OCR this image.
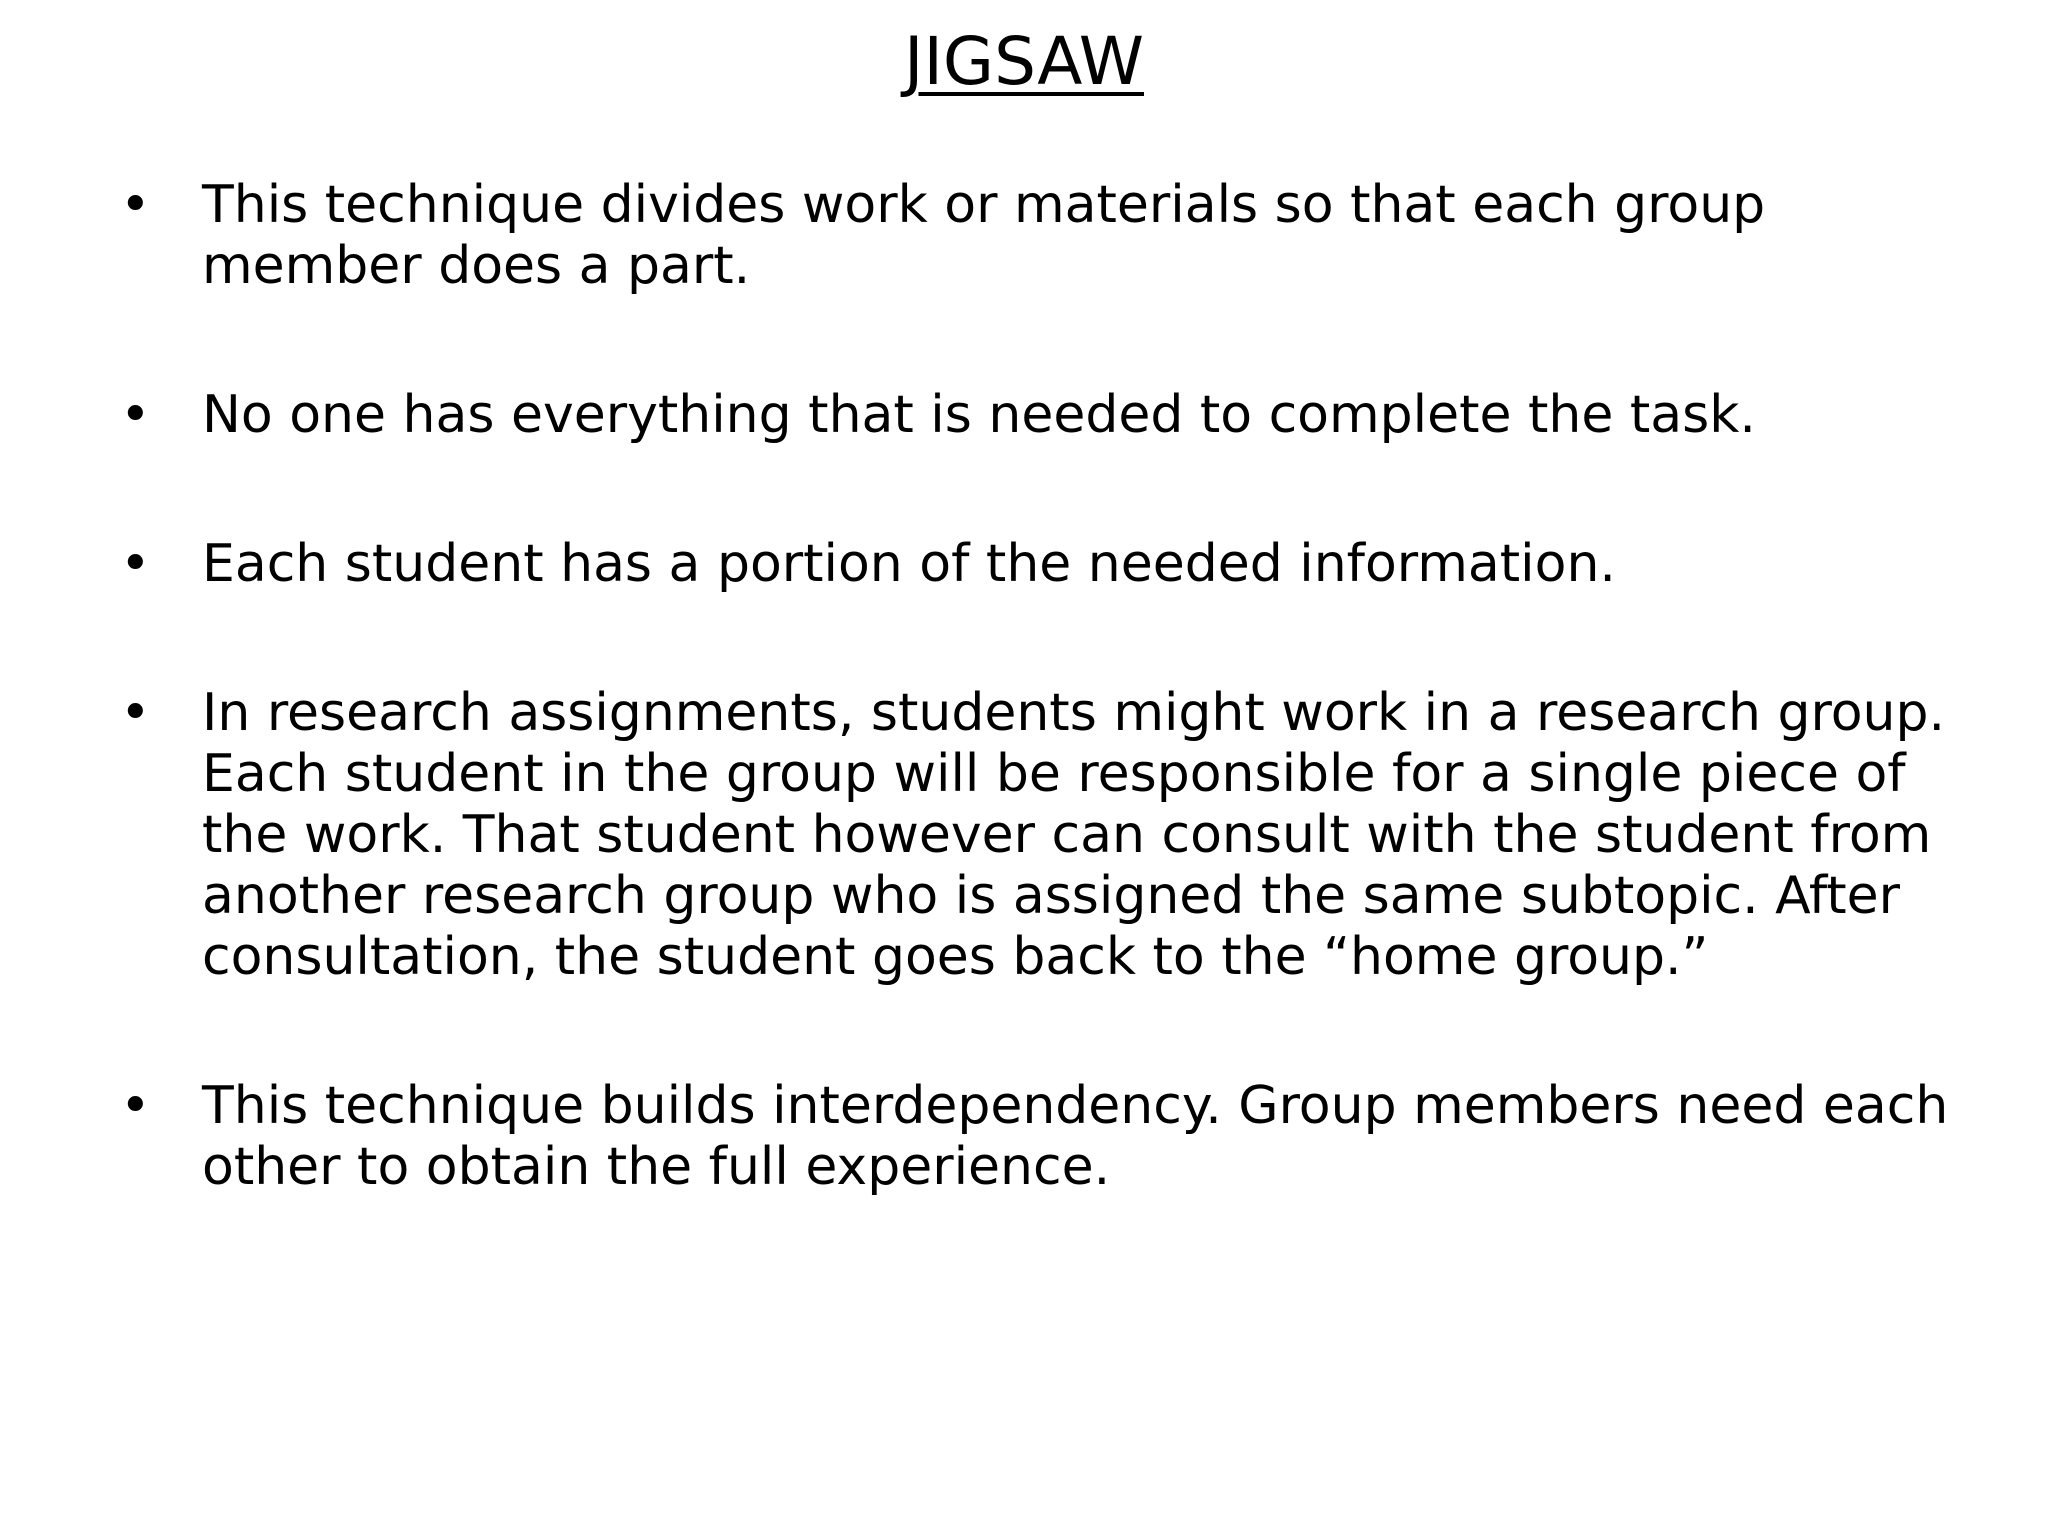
JIGSAW
• This technique divides work or materials so that each group member does a part.
• No one has everything that is needed to complete the task.
• Each student has a portion of the needed information.
• In research assignments, students might work in a research group. Each student in the group will be responsible for a single piece of the work. That student however can consult with the student from another research group who is assigned the same subtopic. After consultation, the student goes back to the “home group.”
• This technique builds interdependency. Group members need each other to obtain the full experience.
